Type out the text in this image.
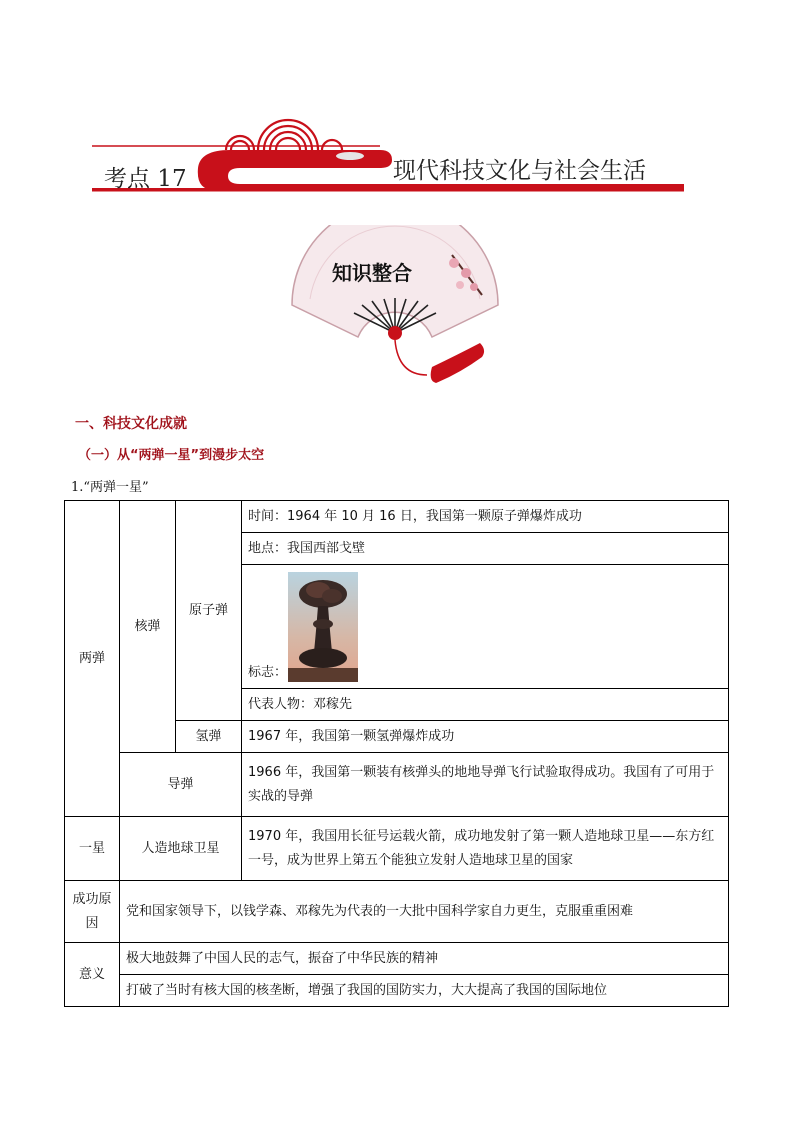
考点 17	现代科技文化与社会生活
知识整合
一、科技文化成就
（一）从“两弹一星”到漫步太空
1.“两弹一星”
两弹	核弹	原子弹	时间：1964 年 10 月 16 日，我国第一颗原子弹爆炸成功
			地点：我国西部戈壁

			标志：

			代表人物：邓稼先
		氢弹	1967 年，我国第一颗氢弹爆炸成功
	导弹		1966 年，我国第一颗装有核弹头的地地导弹飞行试验取得成功。我国有了可用于实战的导弹

一星	人造地球卫星		1970 年，我国用长征号运载火箭，成功地发射了第一颗人造地球卫星——东方红一号，成为世界上第五个能独立发射人造地球卫星的国家
成功原因	党和国家领导下，以钱学森、邓稼先为代表的一大批中国科学家自力更生，克服重重困难		
意义	极大地鼓舞了中国人民的志气，振奋了中华民族的精神		
	打破了当时有核大国的核垄断，增强了我国的国防实力，大大提高了我国的国际地位		
